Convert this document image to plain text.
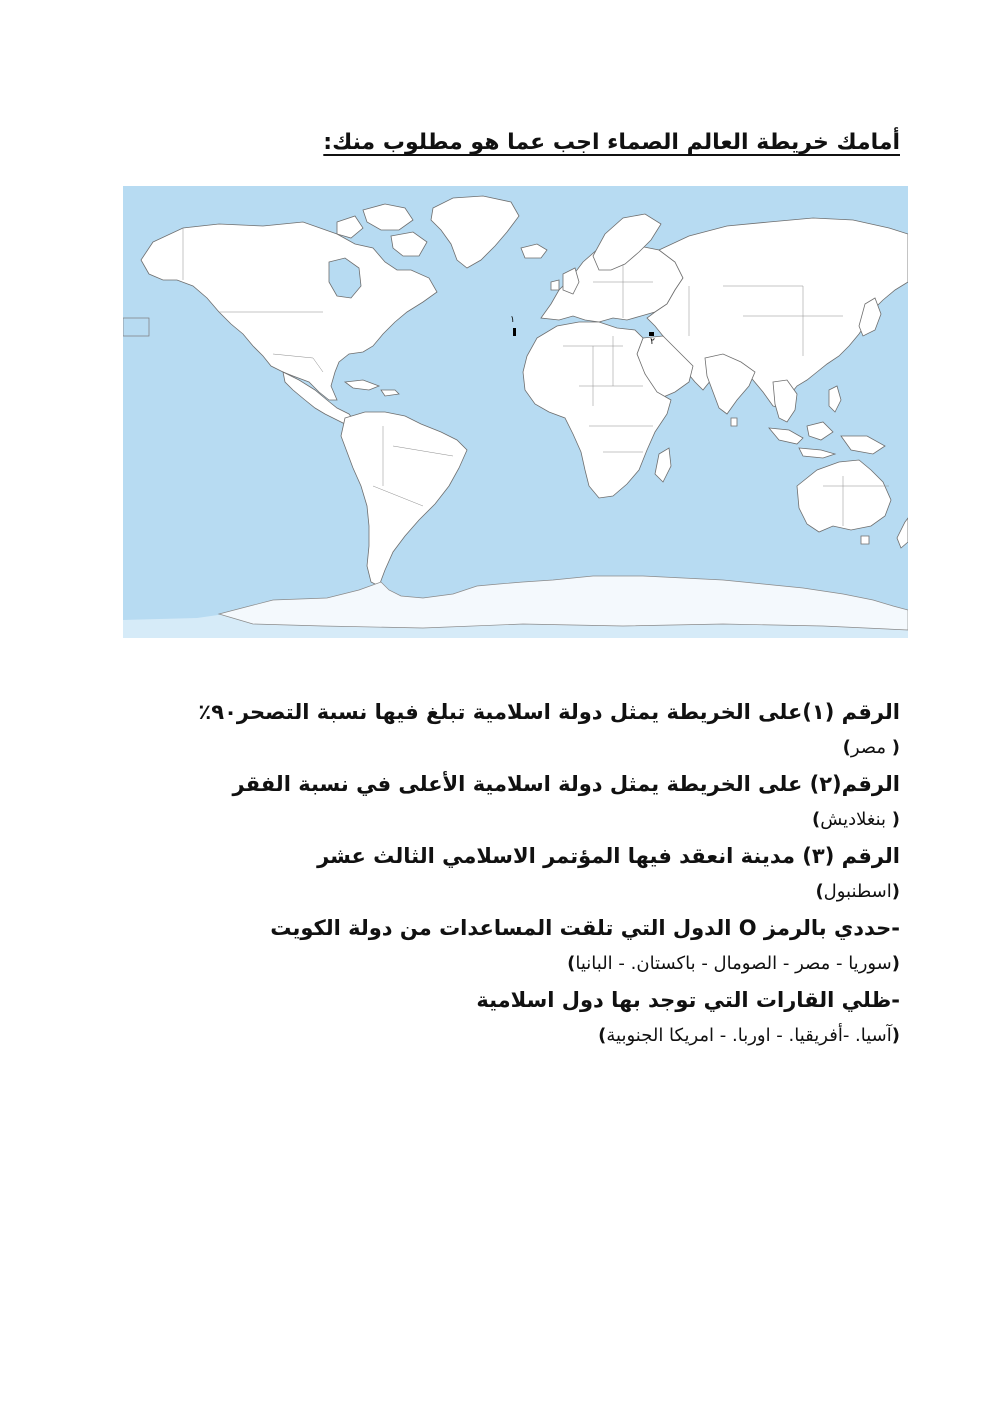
أمامك خريطة العالم الصماء اجب عما هو مطلوب منك:
١
٢
الرقم (١)على الخريطة يمثل دولة اسلامية تبلغ فيها نسبة التصحر٩٠٪
( مصر)
الرقم(٢) على الخريطة يمثل دولة اسلامية الأعلى في نسبة الفقر
( بنغلاديش)
الرقم (٣) مدينة انعقد فيها المؤتمر الاسلامي الثالث عشر
(اسطنبول)
-حددي بالرمز O الدول التي تلقت المساعدات من دولة الكويت
(سوريا - مصر - الصومال - باكستان. - البانيا)
-ظلي القارات التي توجد بها دول اسلامية
(آسيا. -أفريقيا. - اوربا. - امريكا الجنوبية)
